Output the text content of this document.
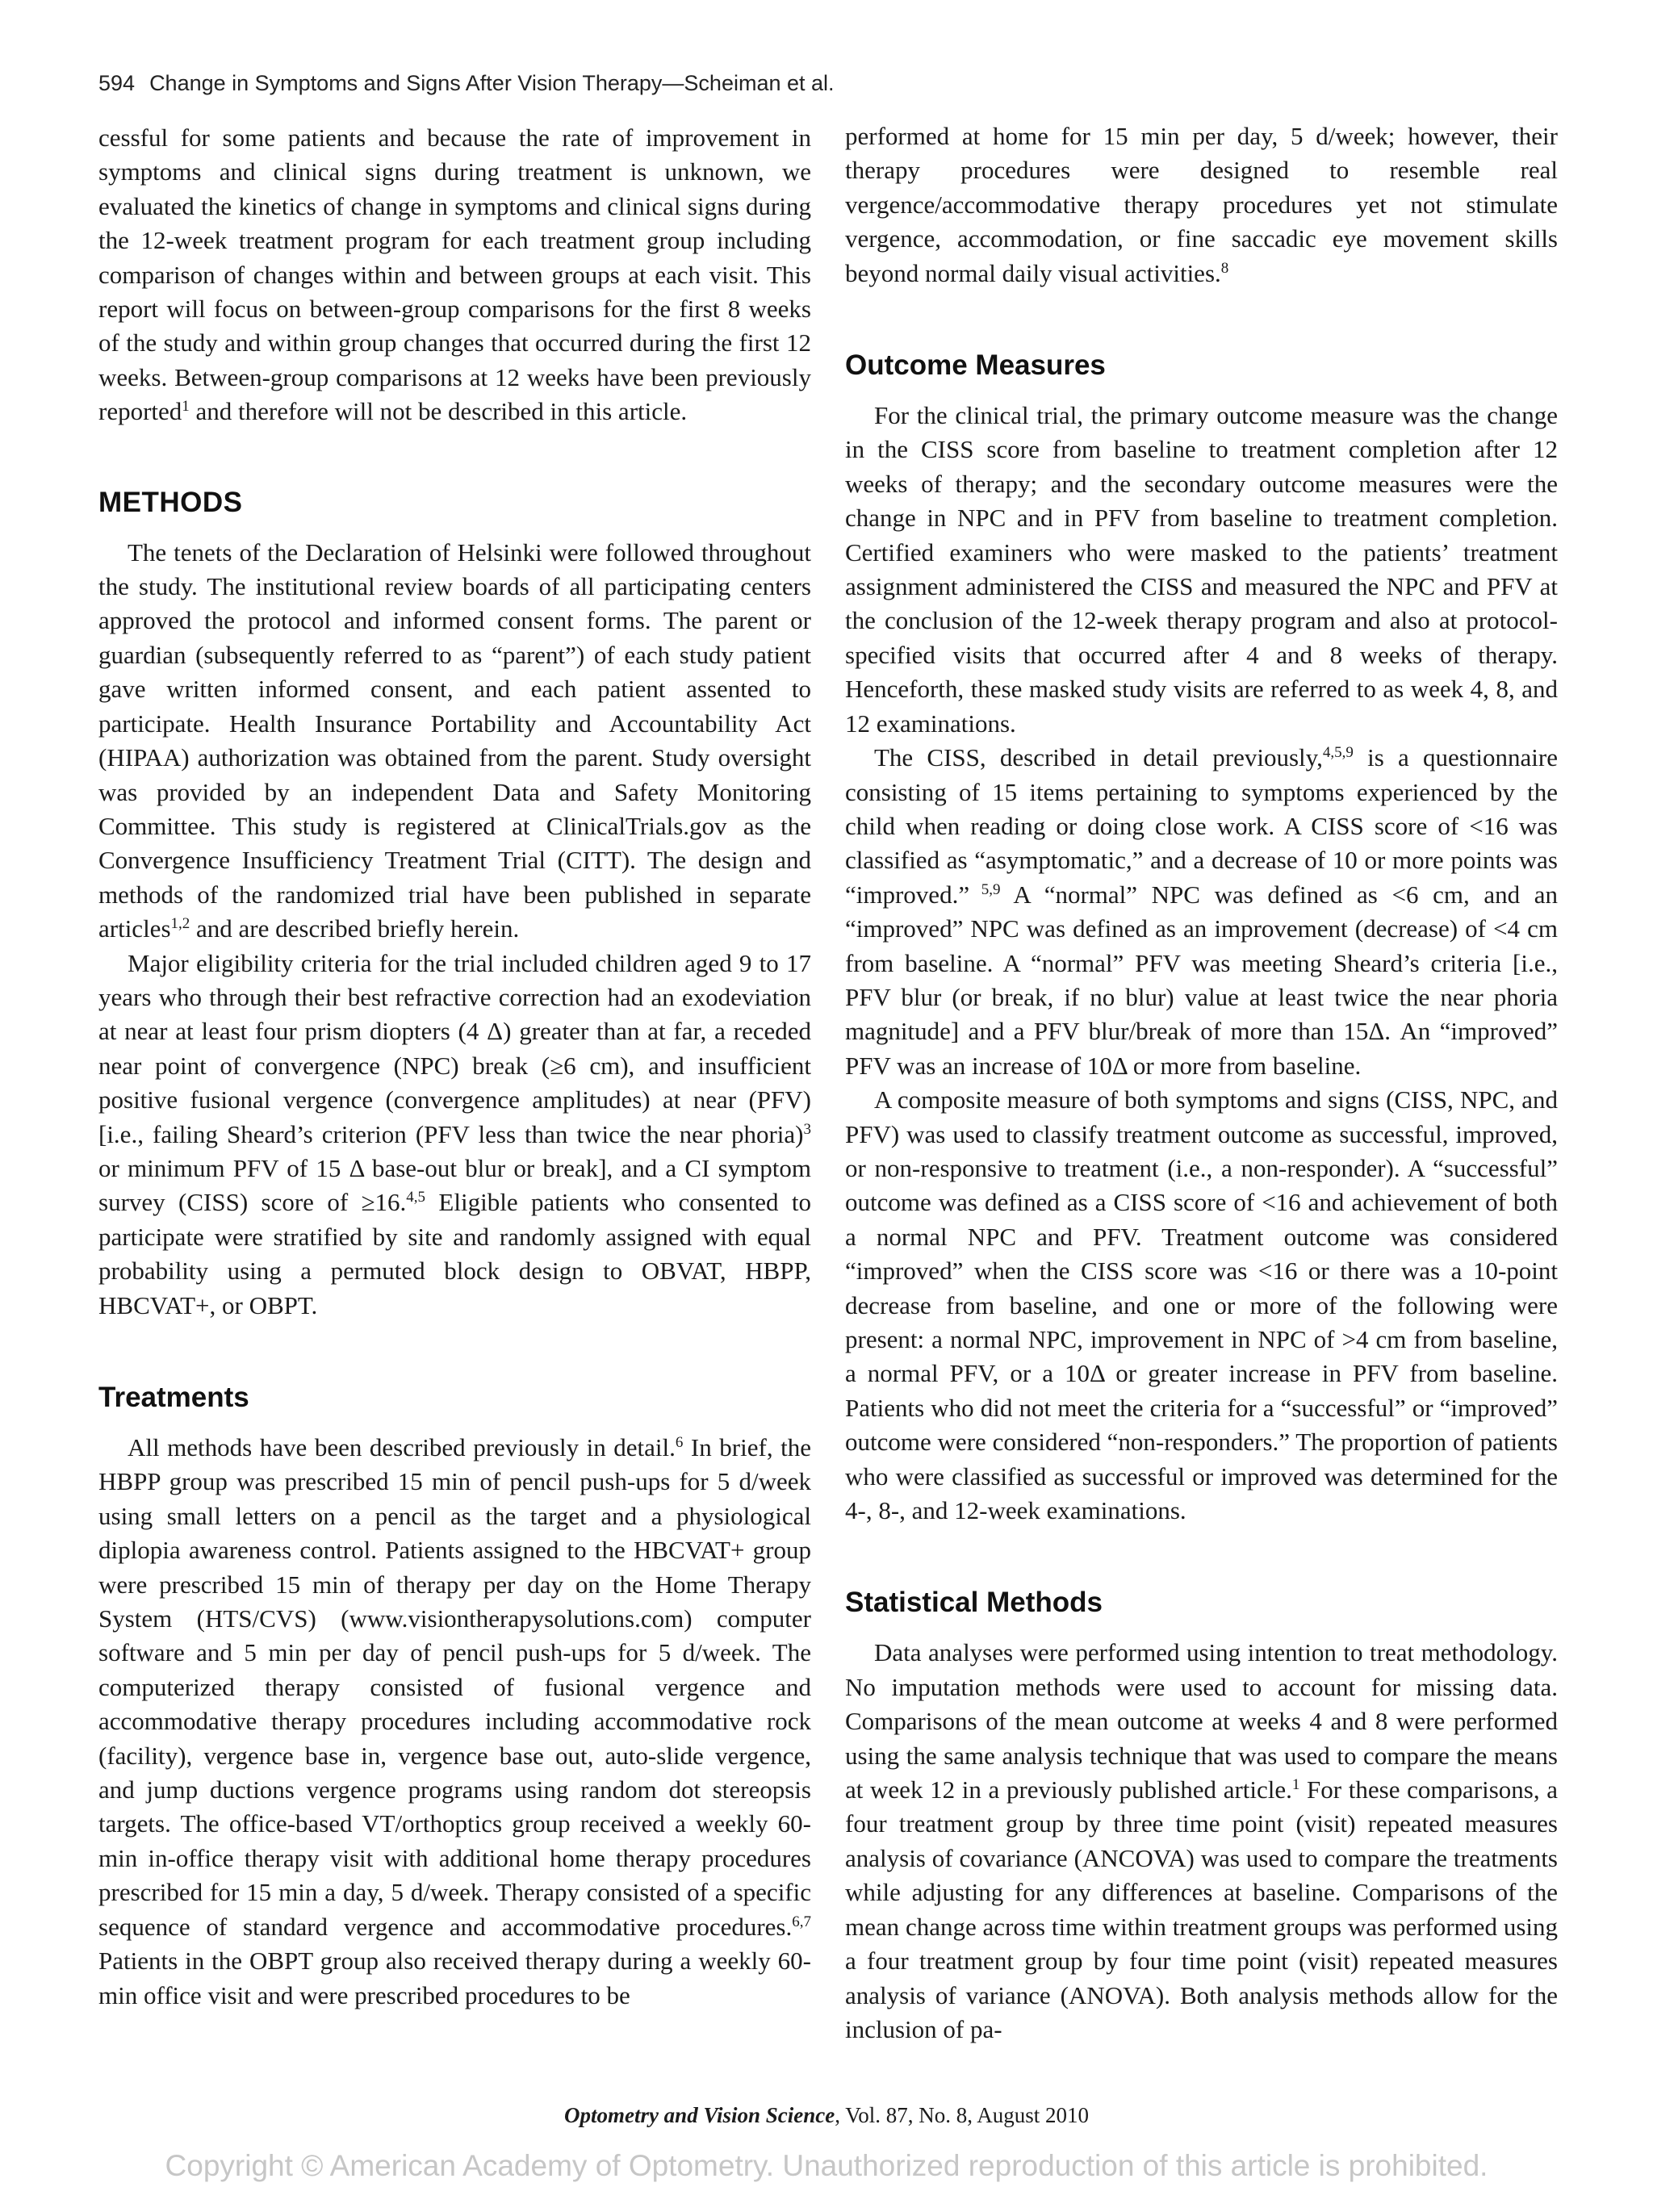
594 Change in Symptoms and Signs After Vision Therapy—Scheiman et al.

cessful for some patients and because the rate of improvement in symptoms and clinical signs during treatment is unknown, we evaluated the kinetics of change in symptoms and clinical signs during the 12-week treatment program for each treatment group including comparison of changes within and between groups at each visit. This report will focus on between-group comparisons for the first 8 weeks of the study and within group changes that occurred during the first 12 weeks. Between-group comparisons at 12 weeks have been previously reported$^1$ and therefore will not be described in this article.

METHODS

The tenets of the Declaration of Helsinki were followed throughout the study. The institutional review boards of all participating centers approved the protocol and informed consent forms. The parent or guardian (subsequently referred to as “parent”) of each study patient gave written informed consent, and each patient assented to participate. Health Insurance Portability and Accountability Act (HIPAA) authorization was obtained from the parent. Study oversight was provided by an independent Data and Safety Monitoring Committee. This study is registered at ClinicalTrials.gov as the Convergence Insufficiency Treatment Trial (CITT). The design and methods of the randomized trial have been published in separate articles$^{1,2}$ and are described briefly herein.

Major eligibility criteria for the trial included children aged 9 to 17 years who through their best refractive correction had an exodeviation at near at least four prism diopters (4 Δ) greater than at far, a receded near point of convergence (NPC) break (≥6 cm), and insufficient positive fusional vergence (convergence amplitudes) at near (PFV) [i.e., failing Sheard’s criterion (PFV less than twice the near phoria)$^3$ or minimum PFV of 15 Δ base-out blur or break], and a CI symptom survey (CISS) score of ≥16.$^{4,5}$ Eligible patients who consented to participate were stratified by site and randomly assigned with equal probability using a permuted block design to OBVAT, HBPP, HBCVAT+, or OBPT.

Treatments

All methods have been described previously in detail.$^6$ In brief, the HBPP group was prescribed 15 min of pencil push-ups for 5 d/week using small letters on a pencil as the target and a physiological diplopia awareness control. Patients assigned to the HBCVAT+ group were prescribed 15 min of therapy per day on the Home Therapy System (HTS/CVS) (www.visiontherapysolutions.com) computer software and 5 min per day of pencil push-ups for 5 d/week. The computerized therapy consisted of fusional vergence and accommodative therapy procedures including accommodative rock (facility), vergence base in, vergence base out, auto-slide vergence, and jump ductions vergence programs using random dot stereopsis targets. The office-based VT/orthoptics group received a weekly 60-min in-office therapy visit with additional home therapy procedures prescribed for 15 min a day, 5 d/week. Therapy consisted of a specific sequence of standard vergence and accommodative procedures.$^{6,7}$ Patients in the OBPT group also received therapy during a weekly 60-min office visit and were prescribed procedures to be

performed at home for 15 min per day, 5 d/week; however, their therapy procedures were designed to resemble real vergence/accommodative therapy procedures yet not stimulate vergence, accommodation, or fine saccadic eye movement skills beyond normal daily visual activities.$^8$

Outcome Measures

For the clinical trial, the primary outcome measure was the change in the CISS score from baseline to treatment completion after 12 weeks of therapy; and the secondary outcome measures were the change in NPC and in PFV from baseline to treatment completion. Certified examiners who were masked to the patients’ treatment assignment administered the CISS and measured the NPC and PFV at the conclusion of the 12-week therapy program and also at protocol-specified visits that occurred after 4 and 8 weeks of therapy. Henceforth, these masked study visits are referred to as week 4, 8, and 12 examinations.

The CISS, described in detail previously,$^{4,5,9}$ is a questionnaire consisting of 15 items pertaining to symptoms experienced by the child when reading or doing close work. A CISS score of <16 was classified as “asymptomatic,” and a decrease of 10 or more points was “improved.” $^{5,9}$ A “normal” NPC was defined as <6 cm, and an “improved” NPC was defined as an improvement (decrease) of <4 cm from baseline. A “normal” PFV was meeting Sheard’s criteria [i.e., PFV blur (or break, if no blur) value at least twice the near phoria magnitude] and a PFV blur/break of more than 15Δ. An “improved” PFV was an increase of 10Δ or more from baseline.

A composite measure of both symptoms and signs (CISS, NPC, and PFV) was used to classify treatment outcome as successful, improved, or non-responsive to treatment (i.e., a non-responder). A “successful” outcome was defined as a CISS score of <16 and achievement of both a normal NPC and PFV. Treatment outcome was considered “improved” when the CISS score was <16 or there was a 10-point decrease from baseline, and one or more of the following were present: a normal NPC, improvement in NPC of >4 cm from baseline, a normal PFV, or a 10Δ or greater increase in PFV from baseline. Patients who did not meet the criteria for a “successful” or “improved” outcome were considered “non-responders.” The proportion of patients who were classified as successful or improved was determined for the 4-, 8-, and 12-week examinations.

Statistical Methods

Data analyses were performed using intention to treat methodology. No imputation methods were used to account for missing data. Comparisons of the mean outcome at weeks 4 and 8 were performed using the same analysis technique that was used to compare the means at week 12 in a previously published article.$^1$ For these comparisons, a four treatment group by three time point (visit) repeated measures analysis of covariance (ANCOVA) was used to compare the treatments while adjusting for any differences at baseline. Comparisons of the mean change across time within treatment groups was performed using a four treatment group by four time point (visit) repeated measures analysis of variance (ANOVA). Both analysis methods allow for the inclusion of pa-

Optometry and Vision Science, Vol. 87, No. 8, August 2010
Copyright © American Academy of Optometry. Unauthorized reproduction of this article is prohibited.
